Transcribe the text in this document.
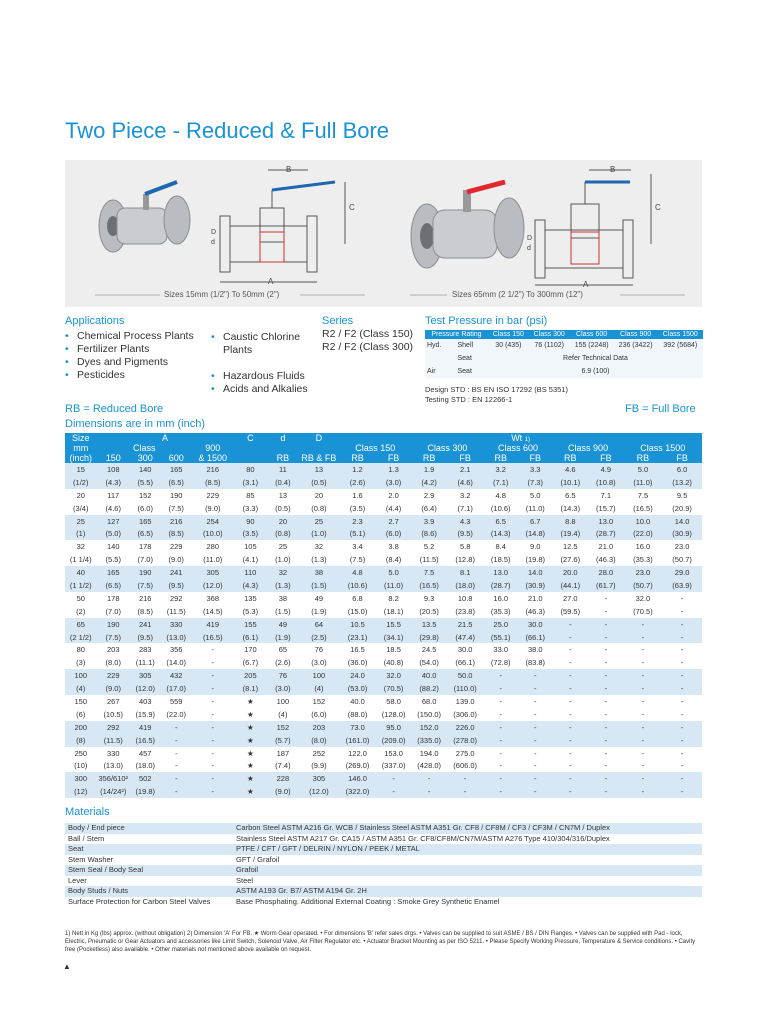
Two Piece - Reduced & Full Bore
A
B
C
D
d
A
B
C
D
d
Sizes 15mm (1/2") To 50mm (2")	Sizes 65mm (2 1/2") To 300mm (12")
Applications
• Chemical Process Plants
• Fertilizer Plants
• Dyes and Pigments
• Pesticides
• Caustic Chlorine Plants
• Hazardous Fluids
• Acids and Alkalies
Series
R2 / F2 (Class 150)
R2 / F2 (Class 300)
Test Pressure in bar (psi)
Pressure Rating		Class 150	Class 300	Class 600	Class 900	Class 1500
Hyd.	Shell	30 (435)	76 (1102)	155 (2248)	236 (3422)	392 (5684)
	Seat	Refer Technical Data				
Air	Seat	6.9 (100)				
Design STD : BS EN ISO 17292 (BS 5351)
Testing STD : EN 12266-1
RB = Reduced Bore	FB = Full Bore
Dimensions are in mm (inch)
Size	A				C	d	D	Wt 1)									
mm	Class			900				Class 150		Class 300		Class 600		Class 900		Class 1500	
(inch)	150	300	600	& 1500		RB	RB & FB	RB	FB	RB	FB	RB	FB	RB	FB	RB	FB
15	108	140	165	216	80	11	13	1.2	1.3	1.9	2.1	3.2	3.3	4.6	4.9	5.0	6.0
(1/2)	(4.3)	(5.5)	(6.5)	(8.5)	(3.1)	(0.4)	(0.5)	(2.6)	(3.0)	(4.2)	(4.6)	(7.1)	(7.3)	(10.1)	(10.8)	(11.0)	(13.2)
20	117	152	190	229	85	13	20	1.6	2.0	2.9	3.2	4.8	5.0	6.5	7.1	7.5	9.5
(3/4)	(4.6)	(6.0)	(7.5)	(9.0)	(3.3)	(0.5)	(0.8)	(3.5)	(4.4)	(6.4)	(7.1)	(10.6)	(11.0)	(14.3)	(15.7)	(16.5)	(20.9)
25	127	165	216	254	90	20	25	2.3	2.7	3.9	4.3	6.5	6.7	8.8	13.0	10.0	14.0
(1)	(5.0)	(6.5)	(8.5)	(10.0)	(3.5)	(0.8)	(1.0)	(5.1)	(6.0)	(8.6)	(9.5)	(14.3)	(14.8)	(19.4)	(28.7)	(22.0)	(30.9)
32	140	178	229	280	105	25	32	3.4	3.8	5.2	5.8	8.4	9.0	12.5	21.0	16.0	23.0
(1 1/4)	(5.5)	(7.0)	(9.0)	(11.0)	(4.1)	(1.0)	(1.3)	(7.5)	(8.4)	(11.5)	(12.8)	(18.5)	(19.8)	(27.6)	(46.3)	(35.3)	(50.7)
40	165	190	241	305	110	32	38	4.8	5.0	7.5	8.1	13.0	14.0	20.0	28.0	23.0	29.0
(1 1/2)	(6.5)	(7.5)	(9.5)	(12.0)	(4.3)	(1.3)	(1.5)	(10.6)	(11.0)	(16.5)	(18.0)	(28.7)	(30.9)	(44.1)	(61.7)	(50.7)	(63.9)
50	178	216	292	368	135	38	49	6.8	8.2	9.3	10.8	16.0	21.0	27.0	-	32.0	-
(2)	(7.0)	(8.5)	(11.5)	(14.5)	(5.3)	(1.5)	(1.9)	(15.0)	(18.1)	(20.5)	(23.8)	(35.3)	(46.3)	(59.5)	-	(70.5)	-
65	190	241	330	419	155	49	64	10.5	15.5	13.5	21.5	25.0	30.0	-	-	-	-
(2 1/2)	(7.5)	(9.5)	(13.0)	(16.5)	(6.1)	(1.9)	(2.5)	(23.1)	(34.1)	(29.8)	(47.4)	(55.1)	(66.1)	-	-	-	-
80	203	283	356	-	170	65	76	16.5	18.5	24.5	30.0	33.0	38.0	-	-	-	-
(3)	(8.0)	(11.1)	(14.0)	-	(6.7)	(2.6)	(3.0)	(36.0)	(40.8)	(54.0)	(66.1)	(72.8)	(83.8)	-	-	-	-
100	229	305	432	-	205	76	100	24.0	32.0	40.0	50.0	-	-	-	-	-	-
(4)	(9.0)	(12.0)	(17.0)	-	(8.1)	(3.0)	(4)	(53.0)	(70.5)	(88.2)	(110.0)	-	-	-	-	-	-
150	267	403	559	-	★	100	152	40.0	58.0	68.0	139.0	-	-	-	-	-	-
(6)	(10.5)	(15.9)	(22.0)	-	★	(4)	(6.0)	(88.0)	(128.0)	(150.0)	(306.0)	-	-	-	-	-	-
200	292	419	-	-	★	152	203	73.0	95.0	152.0	226.0	-	-	-	-	-	-
(8)	(11.5)	(16.5)	-	-	★	(5.7)	(8.0)	(161.0)	(209.0)	(335.0)	(278.0)	-	-	-	-	-	-
250	330	457	-	-	★	187	252	122.0	153.0	194.0	275.0	-	-	-	-	-	-
(10)	(13.0)	(18.0)	-	-	★	(7.4)	(9.9)	(269.0)	(337.0)	(428.0)	(606.0)	-	-	-	-	-	-
300	356/610²	502	-	-	★	228	305	146.0	-	-	-	-	-	-	-	-	-
(12)	(14/24²)	(19.8)	-	-	★	(9.0)	(12.0)	(322.0)	-	-	-	-	-	-	-	-	-
Materials
Body / End piece	Carbon Steel ASTM A216 Gr. WCB / Stainless Steel ASTM A351 Gr. CF8 / CF8M / CF3 / CF3M / CN7M / Duplex
Ball / Stem	Stainless Steel ASTM A217 Gr. CA15 / ASTM A351 Gr. CF8/CF8M/CN7M/ASTM A276 Type 410/304/316/Duplex
Seat	PTFE / CFT / GFT / DELRIN / NYLON / PEEK / METAL
Stem Washer	GFT / Grafoil
Stem Seal / Body Seal	Grafoil
Lever	Steel
Body Studs / Nuts	ASTM A193 Gr. B7/ ASTM A194 Gr. 2H
Surface Protection for Carbon Steel Valves	Base Phosphating. Additional External Coating : Smoke Grey Synthetic Enamel
1) Nett in Kg (lbs) approx. (without obligation) 2) Dimension 'A' For FB. ★ Worm Gear operated. • For dimensions 'B' refer sales drgs. • Valves can be supplied to suit ASME / BS / DIN Flanges. • Valves can be supplied with Pad - lock, Electric, Pneumatic or Gear Actuators and accessories like Limit Switch, Solenoid Valve, Air Filter Regulator etc. • Actuator Bracket Mounting as per ISO 5211. • Please Specify Working Pressure, Temperature & Service conditions. • Cavity free (Pocketless) also available. • Other materials not mentioned above available on request.
▲
